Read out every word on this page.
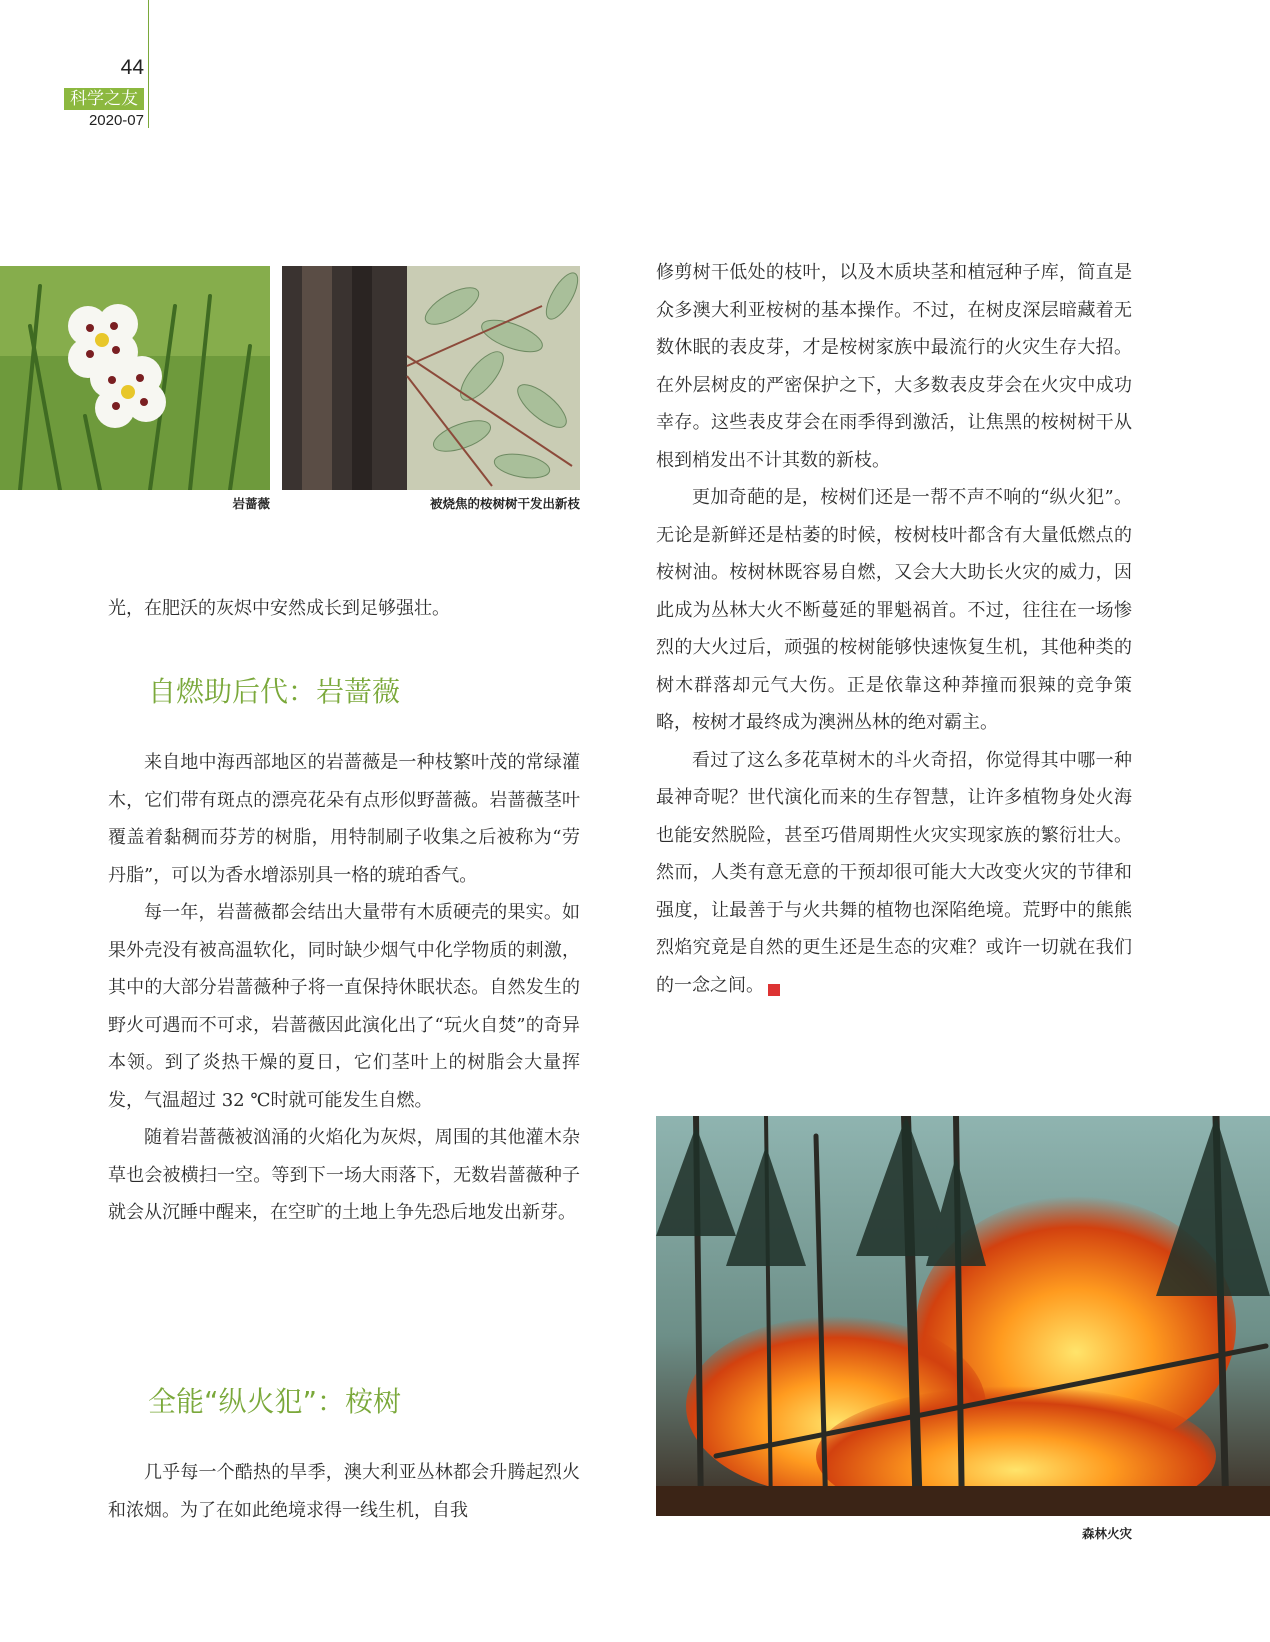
44
科学之友
2020-07
岩蔷薇	被烧焦的桉树树干发出新枝

光，在肥沃的灰烬中安然成长到足够强壮。

自燃助后代：岩蔷薇

来自地中海西部地区的岩蔷薇是一种枝繁叶茂的常绿灌木，它们带有斑点的漂亮花朵有点形似野蔷薇。岩蔷薇茎叶覆盖着黏稠而芬芳的树脂，用特制刷子收集之后被称为“劳丹脂”，可以为香水增添别具一格的琥珀香气。

每一年，岩蔷薇都会结出大量带有木质硬壳的果实。如果外壳没有被高温软化，同时缺少烟气中化学物质的刺激，其中的大部分岩蔷薇种子将一直保持休眠状态。自然发生的野火可遇而不可求，岩蔷薇因此演化出了“玩火自焚”的奇异本领。到了炎热干燥的夏日，它们茎叶上的树脂会大量挥发，气温超过 32 ℃时就可能发生自燃。

随着岩蔷薇被汹涌的火焰化为灰烬，周围的其他灌木杂草也会被横扫一空。等到下一场大雨落下，无数岩蔷薇种子就会从沉睡中醒来，在空旷的土地上争先恐后地发出新芽。

全能“纵火犯”：桉树

几乎每一个酷热的旱季，澳大利亚丛林都会升腾起烈火和浓烟。为了在如此绝境求得一线生机，自我

修剪树干低处的枝叶，以及木质块茎和植冠种子库，简直是众多澳大利亚桉树的基本操作。不过，在树皮深层暗藏着无数休眠的表皮芽，才是桉树家族中最流行的火灾生存大招。在外层树皮的严密保护之下，大多数表皮芽会在火灾中成功幸存。这些表皮芽会在雨季得到激活，让焦黑的桉树树干从根到梢发出不计其数的新枝。

更加奇葩的是，桉树们还是一帮不声不响的“纵火犯”。无论是新鲜还是枯萎的时候，桉树枝叶都含有大量低燃点的桉树油。桉树林既容易自燃，又会大大助长火灾的威力，因此成为丛林大火不断蔓延的罪魁祸首。不过，往往在一场惨烈的大火过后，顽强的桉树能够快速恢复生机，其他种类的树木群落却元气大伤。正是依靠这种莽撞而狠辣的竞争策略，桉树才最终成为澳洲丛林的绝对霸主。

看过了这么多花草树木的斗火奇招，你觉得其中哪一种最神奇呢？世代演化而来的生存智慧，让许多植物身处火海也能安然脱险，甚至巧借周期性火灾实现家族的繁衍壮大。然而，人类有意无意的干预却很可能大大改变火灾的节律和强度，让最善于与火共舞的植物也深陷绝境。荒野中的熊熊烈焰究竟是自然的更生还是生态的灾难？或许一切就在我们的一念之间。	S

森林火灾
